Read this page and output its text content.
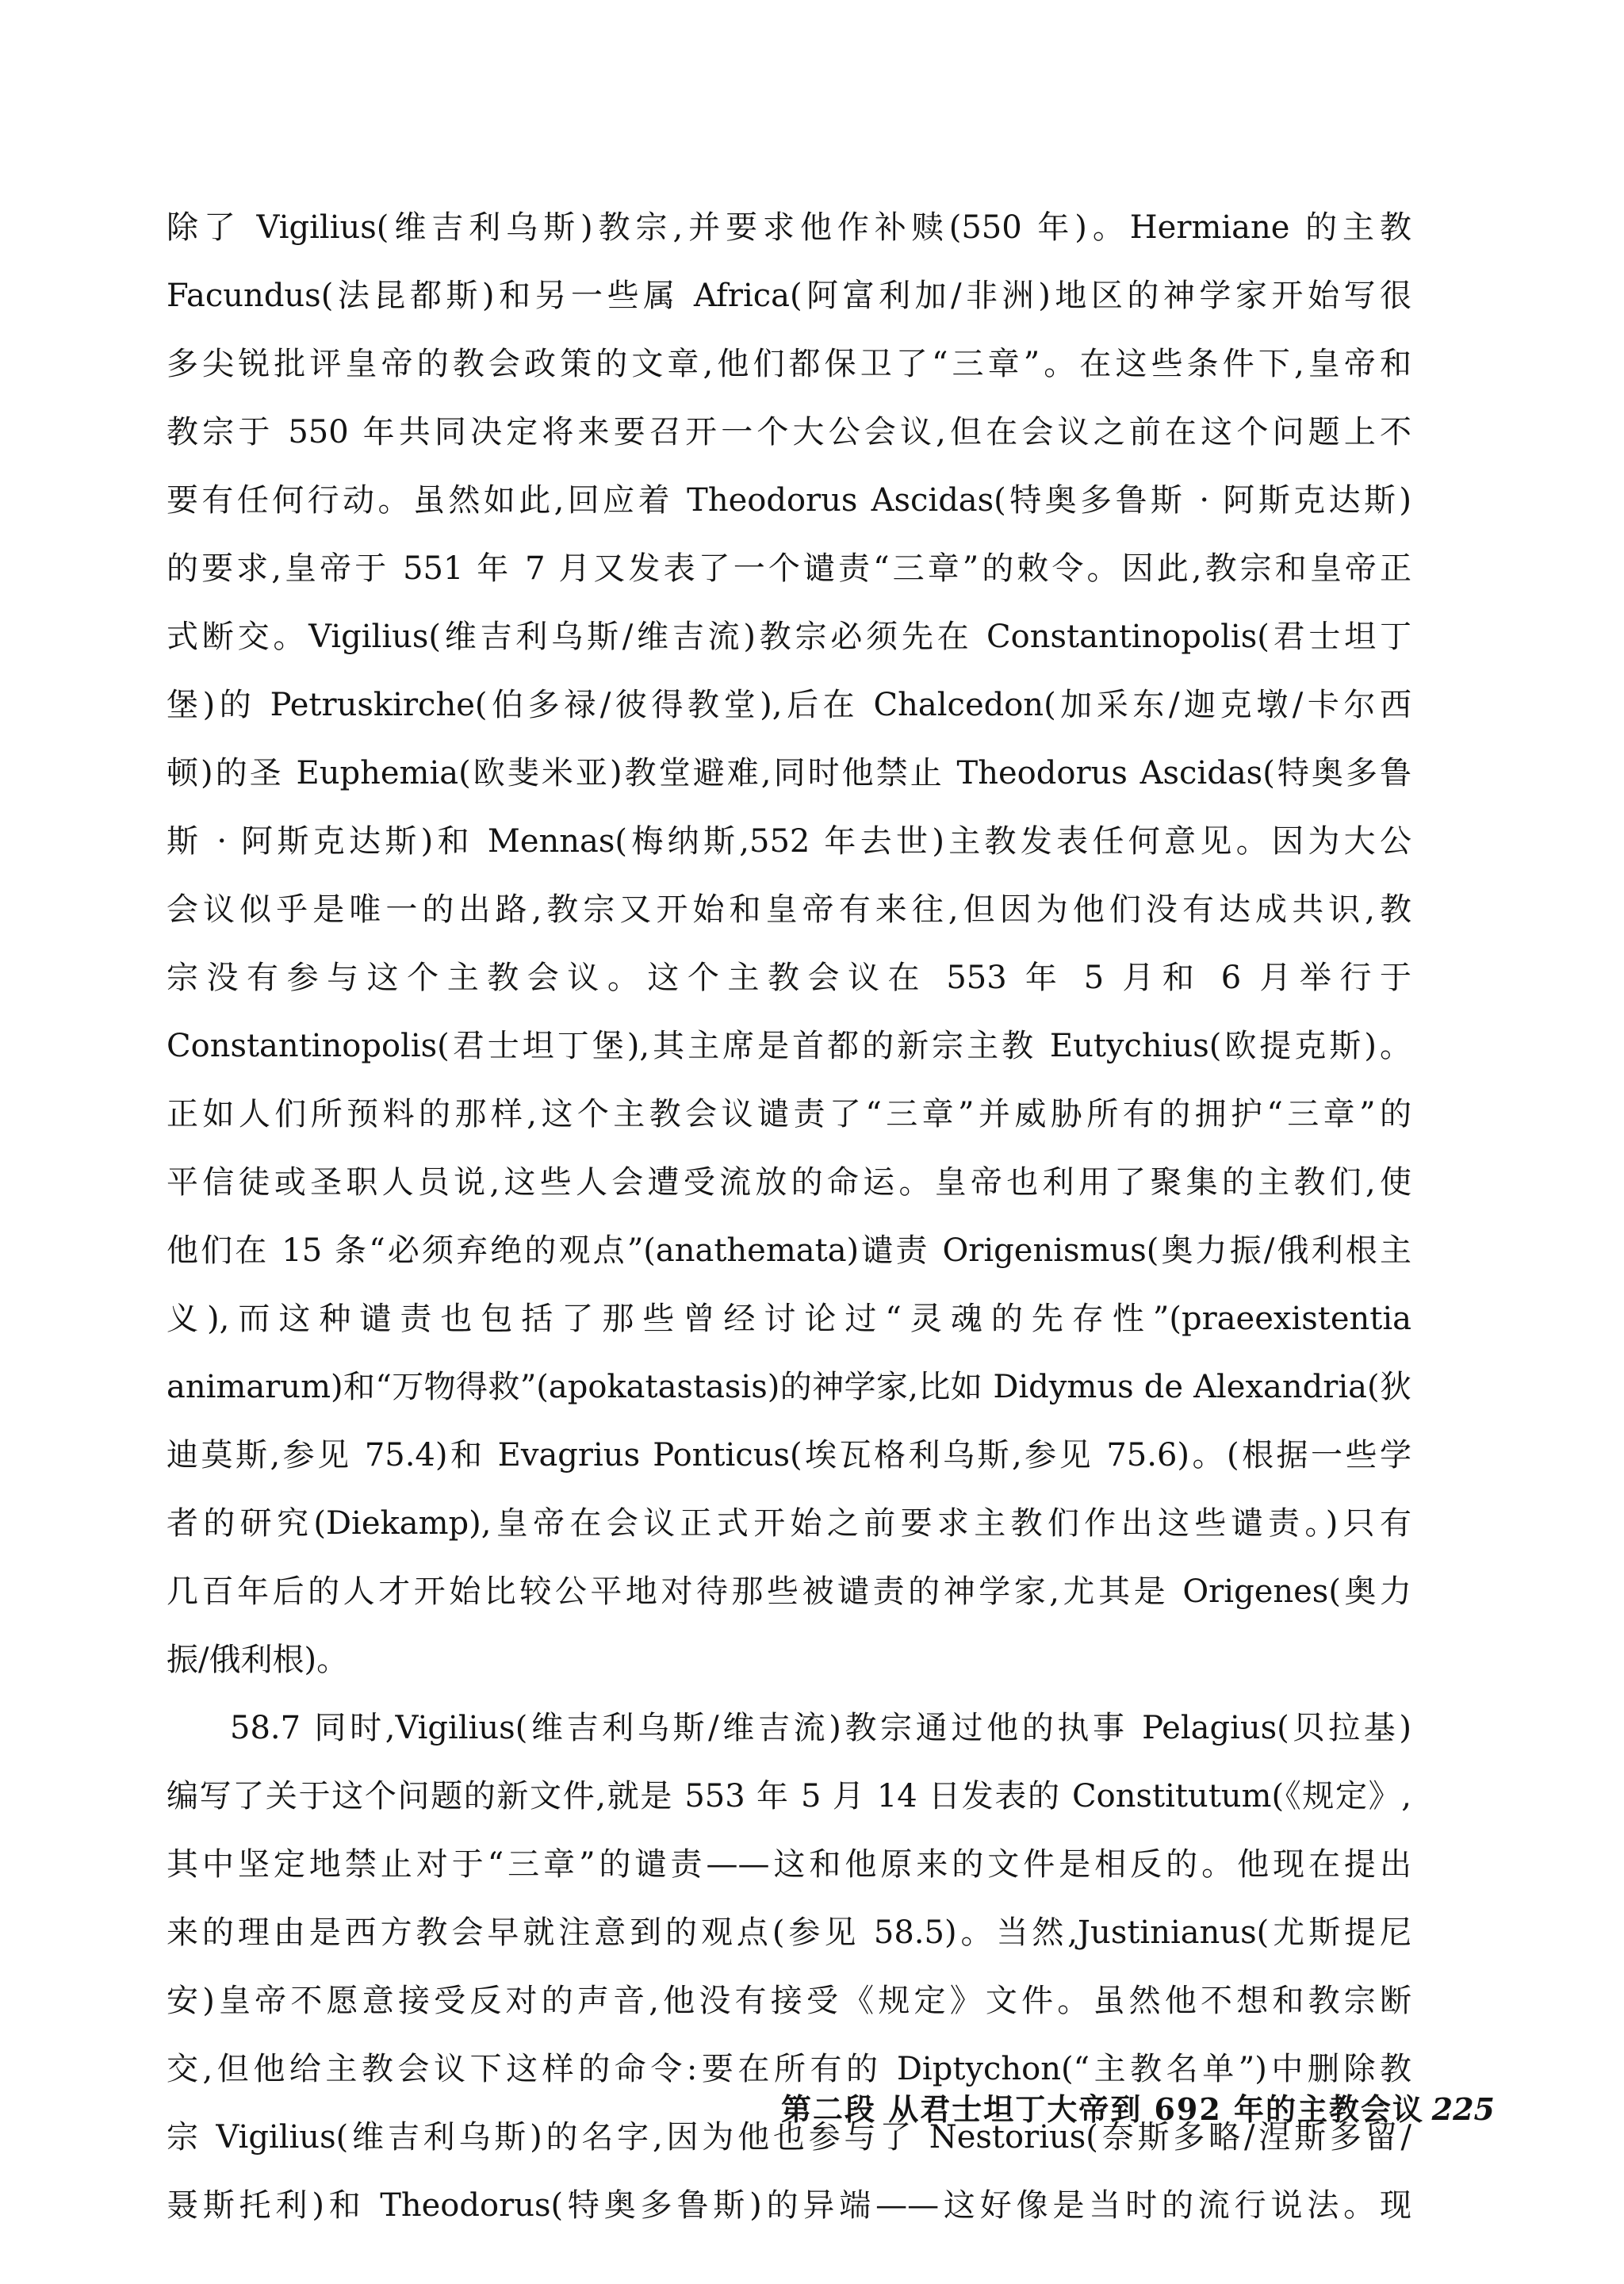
除了 Vigilius(维吉利乌斯)教宗,并要求他作补赎(550 年)。Hermiane 的主教
Facundus(法昆都斯)和另一些属 Africa(阿富利加/非洲)地区的神学家开始写很
多尖锐批评皇帝的教会政策的文章,他们都保卫了“三章”。在这些条件下,皇帝和
教宗于 550 年共同决定将来要召开一个大公会议,但在会议之前在这个问题上不
要有任何行动。虽然如此,回应着 Theodorus Ascidas(特奥多鲁斯 · 阿斯克达斯)
的要求,皇帝于 551 年 7 月又发表了一个谴责“三章”的敕令。因此,教宗和皇帝正
式断交。Vigilius(维吉利乌斯/维吉流)教宗必须先在 Constantinopolis(君士坦丁
堡)的 Petruskirche(伯多禄/彼得教堂),后在 Chalcedon(加采东/迦克墩/卡尔西
顿)的圣 Euphemia(欧斐米亚)教堂避难,同时他禁止 Theodorus Ascidas(特奥多鲁
斯 · 阿斯克达斯)和 Mennas(梅纳斯,552 年去世)主教发表任何意见。因为大公
会议似乎是唯一的出路,教宗又开始和皇帝有来往,但因为他们没有达成共识,教
宗没有参与这个主教会议。这个主教会议在 553 年 5 月和 6 月举行于
Constantinopolis(君士坦丁堡),其主席是首都的新宗主教 Eutychius(欧提克斯)。
正如人们所预料的那样,这个主教会议谴责了“三章”并威胁所有的拥护“三章”的
平信徒或圣职人员说,这些人会遭受流放的命运。皇帝也利用了聚集的主教们,使
他们在 15 条“必须弃绝的观点”(anathemata)谴责 Origenismus(奥力振/俄利根主
义),而这种谴责也包括了那些曾经讨论过“灵魂的先存性”(praeexistentia
animarum)和“万物得救”(apokatastasis)的神学家,比如 Didymus de Alexandria(狄
迪莫斯,参见 75.4)和 Evagrius Ponticus(埃瓦格利乌斯,参见 75.6)。(根据一些学
者的研究(Diekamp),皇帝在会议正式开始之前要求主教们作出这些谴责。)只有
几百年后的人才开始比较公平地对待那些被谴责的神学家,尤其是 Origenes(奥力
振/俄利根)。
58.7 同时,Vigilius(维吉利乌斯/维吉流)教宗通过他的执事 Pelagius(贝拉基)
编写了关于这个问题的新文件,就是 553 年 5 月 14 日发表的 Constitutum(《规定》,
其中坚定地禁止对于“三章”的谴责——这和他原来的文件是相反的。他现在提出
来的理由是西方教会早就注意到的观点(参见 58.5)。当然,Justinianus(尤斯提尼
安)皇帝不愿意接受反对的声音,他没有接受《规定》文件。虽然他不想和教宗断
交,但他给主教会议下这样的命令:要在所有的 Diptychon(“主教名单”)中删除教
宗 Vigilius(维吉利乌斯)的名字,因为他也参与了 Nestorius(奈斯多略/涅斯多留/
聂斯托利)和 Theodorus(特奥多鲁斯)的异端——这好像是当时的流行说法。现
第二段 从君士坦丁大帝到 692 年的主教会议 225
